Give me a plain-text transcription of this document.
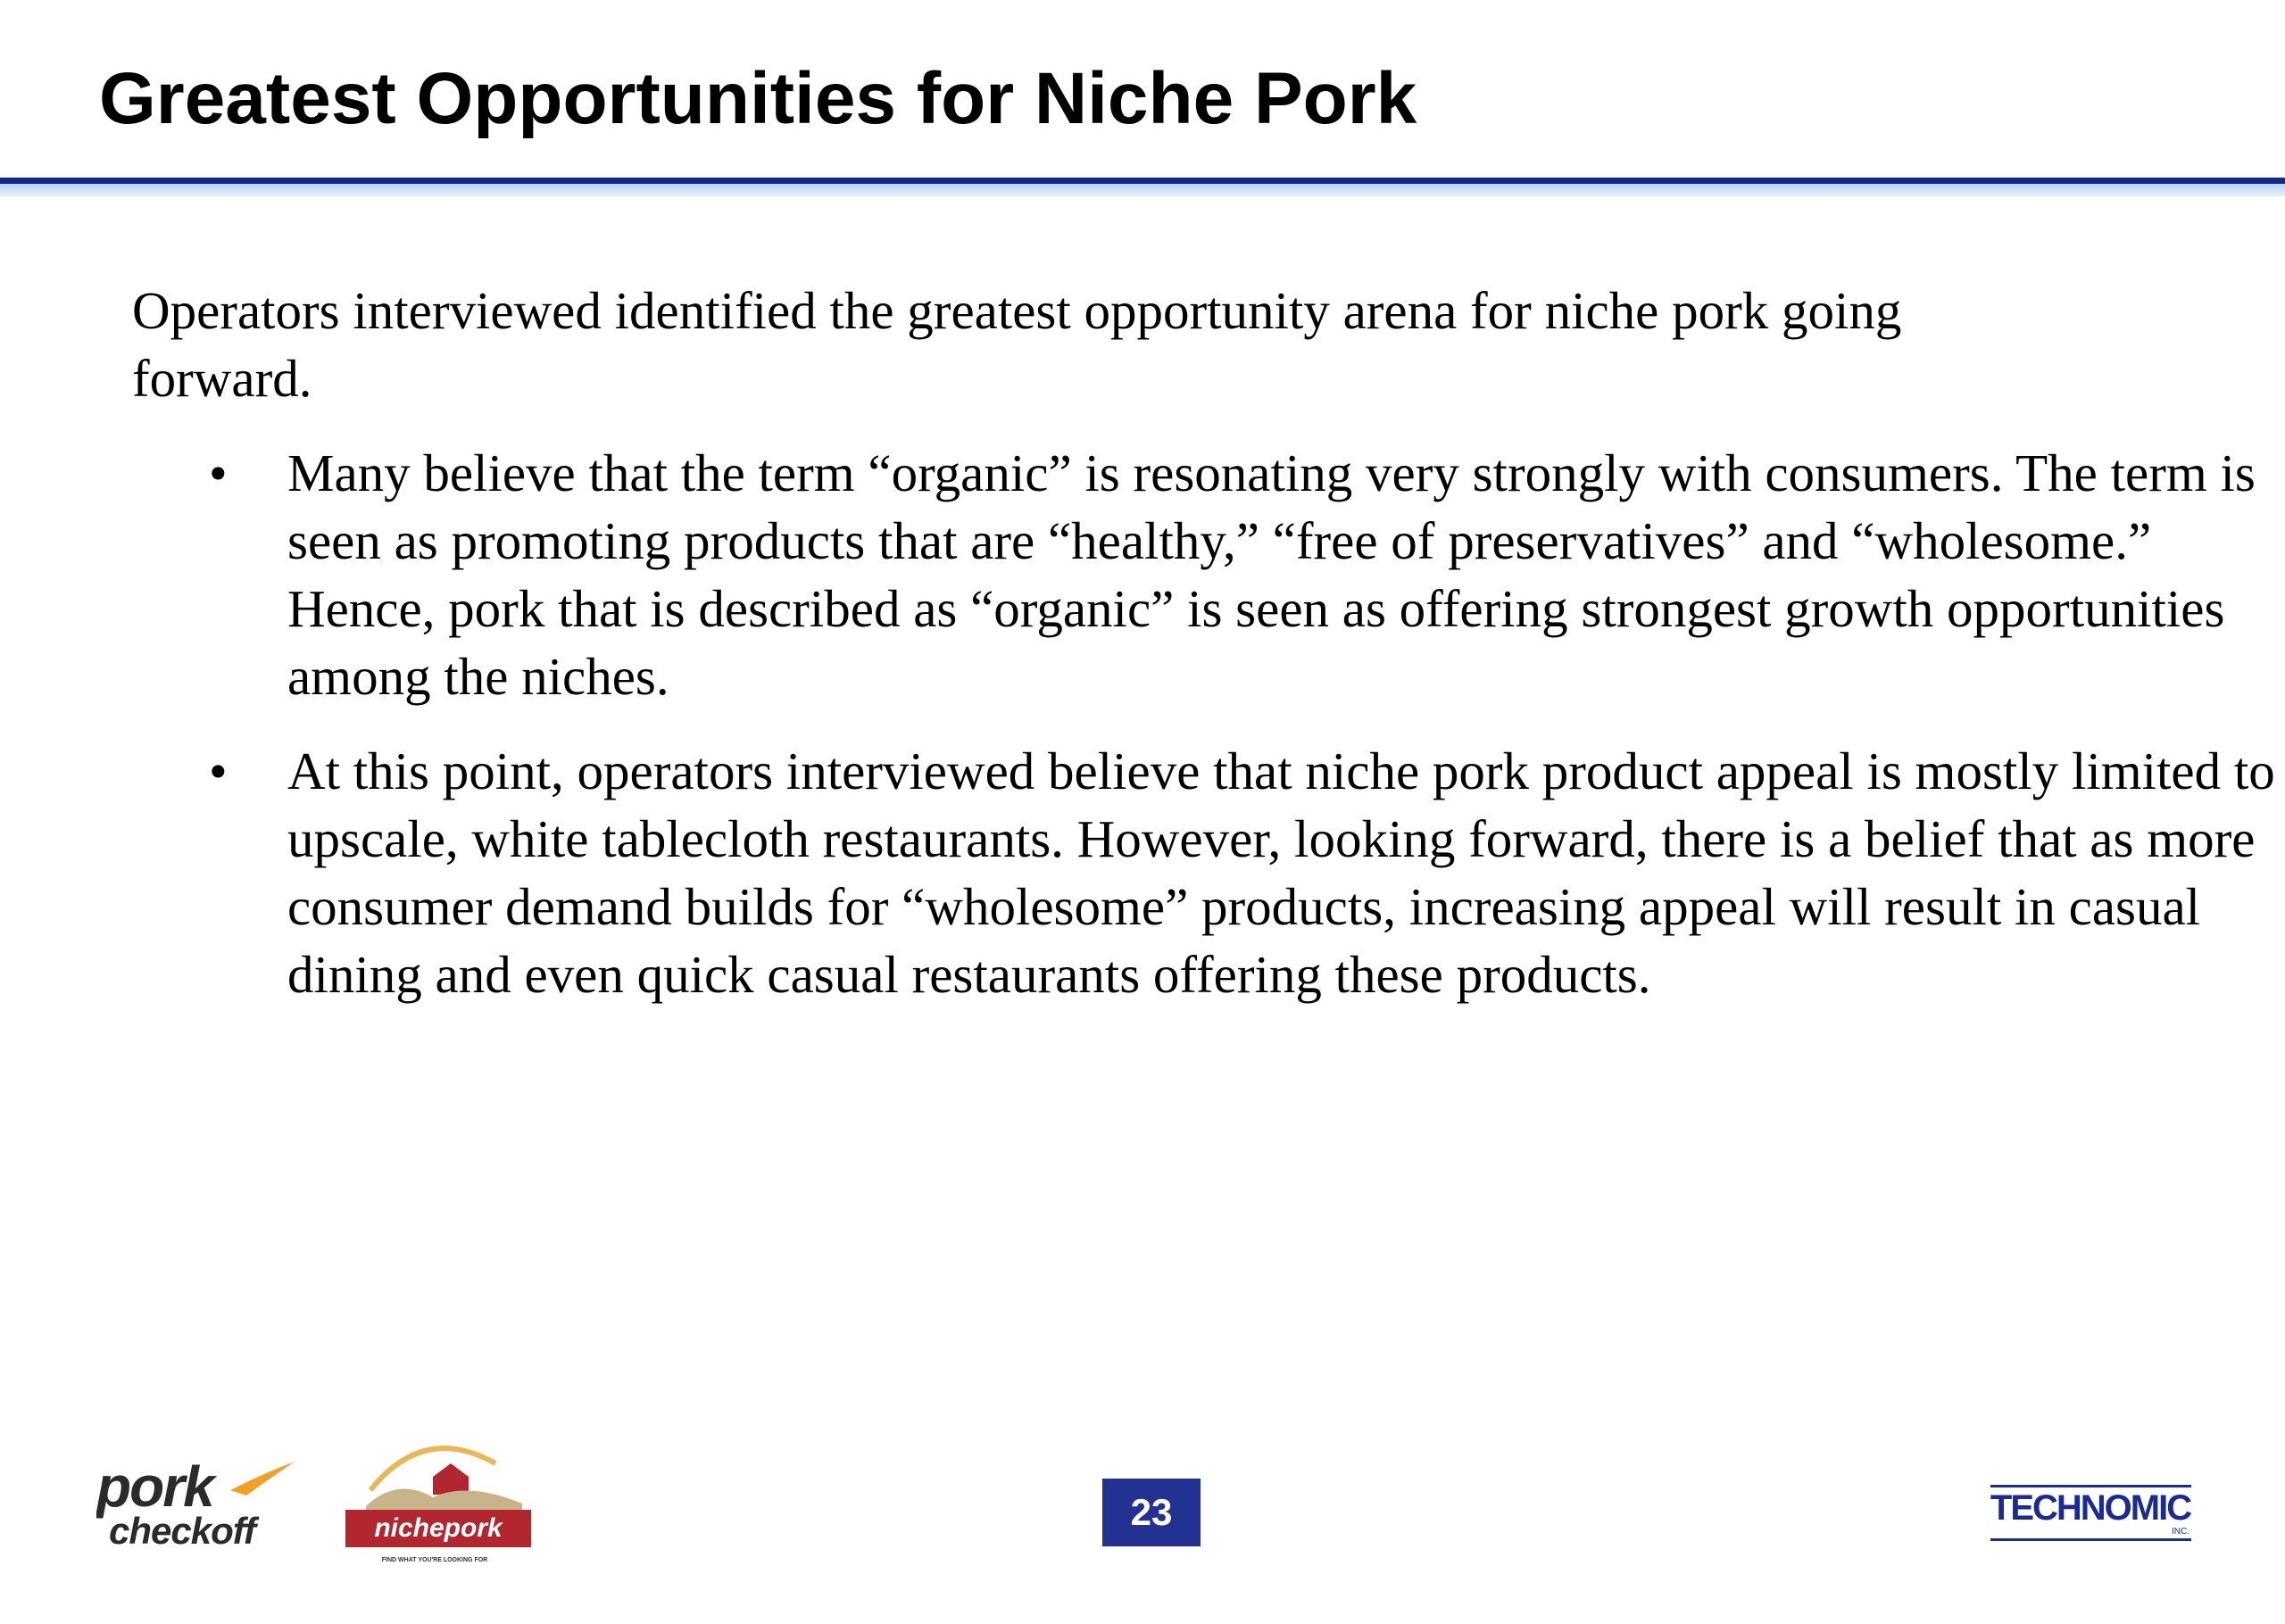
Greatest Opportunities for Niche Pork

Operators interviewed identified the greatest opportunity arena for niche pork going forward.

• Many believe that the term “organic” is resonating very strongly with consumers. The term is seen as promoting products that are “healthy,” “free of preservatives” and “wholesome.” Hence, pork that is described as “organic” is seen as offering strongest growth opportunities among the niches.
• At this point, operators interviewed believe that niche pork product appeal is mostly limited to upscale, white tablecloth restaurants. However, looking forward, there is a belief that as more consumer demand builds for “wholesome” products, increasing appeal will result in casual dining and even quick casual restaurants offering these products.
pork
checkoff	nichepork
FIND WHAT YOU'RE LOOKING FOR
23	TECHNOMIC
INC.
